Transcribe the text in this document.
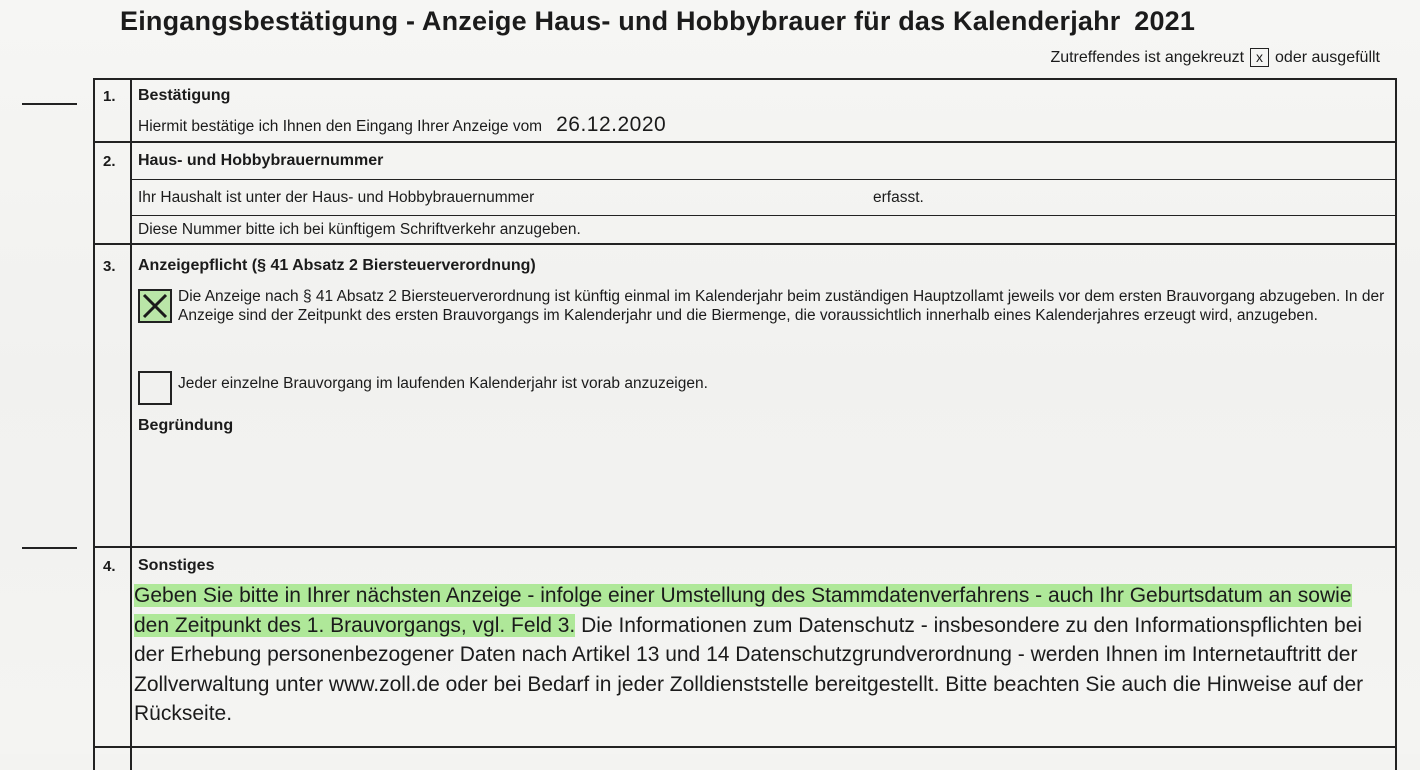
Eingangsbestätigung - Anzeige Haus- und Hobbybrauer für das Kalenderjahr 2021
Zutreffendes ist angekreuzt x oder ausgefüllt
1. Bestätigung
Hiermit bestätige ich Ihnen den Eingang Ihrer Anzeige vom 26.12.2020
2. Haus- und Hobbybrauernummer
Ihr Haushalt ist unter der Haus- und Hobbybrauernummer	erfasst.
Diese Nummer bitte ich bei künftigem Schriftverkehr anzugeben.
3. Anzeigepflicht (§ 41 Absatz 2 Biersteuerverordnung)
Die Anzeige nach § 41 Absatz 2 Biersteuerverordnung ist künftig einmal im Kalenderjahr beim zuständigen Hauptzollamt jeweils vor dem ersten Brauvorgang abzugeben. In der Anzeige sind der Zeitpunkt des ersten Brauvorgangs im Kalenderjahr und die Biermenge, die voraussichtlich innerhalb eines Kalenderjahres erzeugt wird, anzugeben.
Jeder einzelne Brauvorgang im laufenden Kalenderjahr ist vorab anzuzeigen.
Begründung
4. Sonstiges
Geben Sie bitte in Ihrer nächsten Anzeige - infolge einer Umstellung des Stammdatenverfahrens - auch Ihr Geburtsdatum an sowie den Zeitpunkt des 1. Brauvorgangs, vgl. Feld 3. Die Informationen zum Datenschutz - insbesondere zu den Informationspflichten bei der Erhebung personenbezogener Daten nach Artikel 13 und 14 Datenschutzgrundverordnung - werden Ihnen im Internetauftritt der Zollverwaltung unter www.zoll.de oder bei Bedarf in jeder Zolldienststelle bereitgestellt. Bitte beachten Sie auch die Hinweise auf der Rückseite.
